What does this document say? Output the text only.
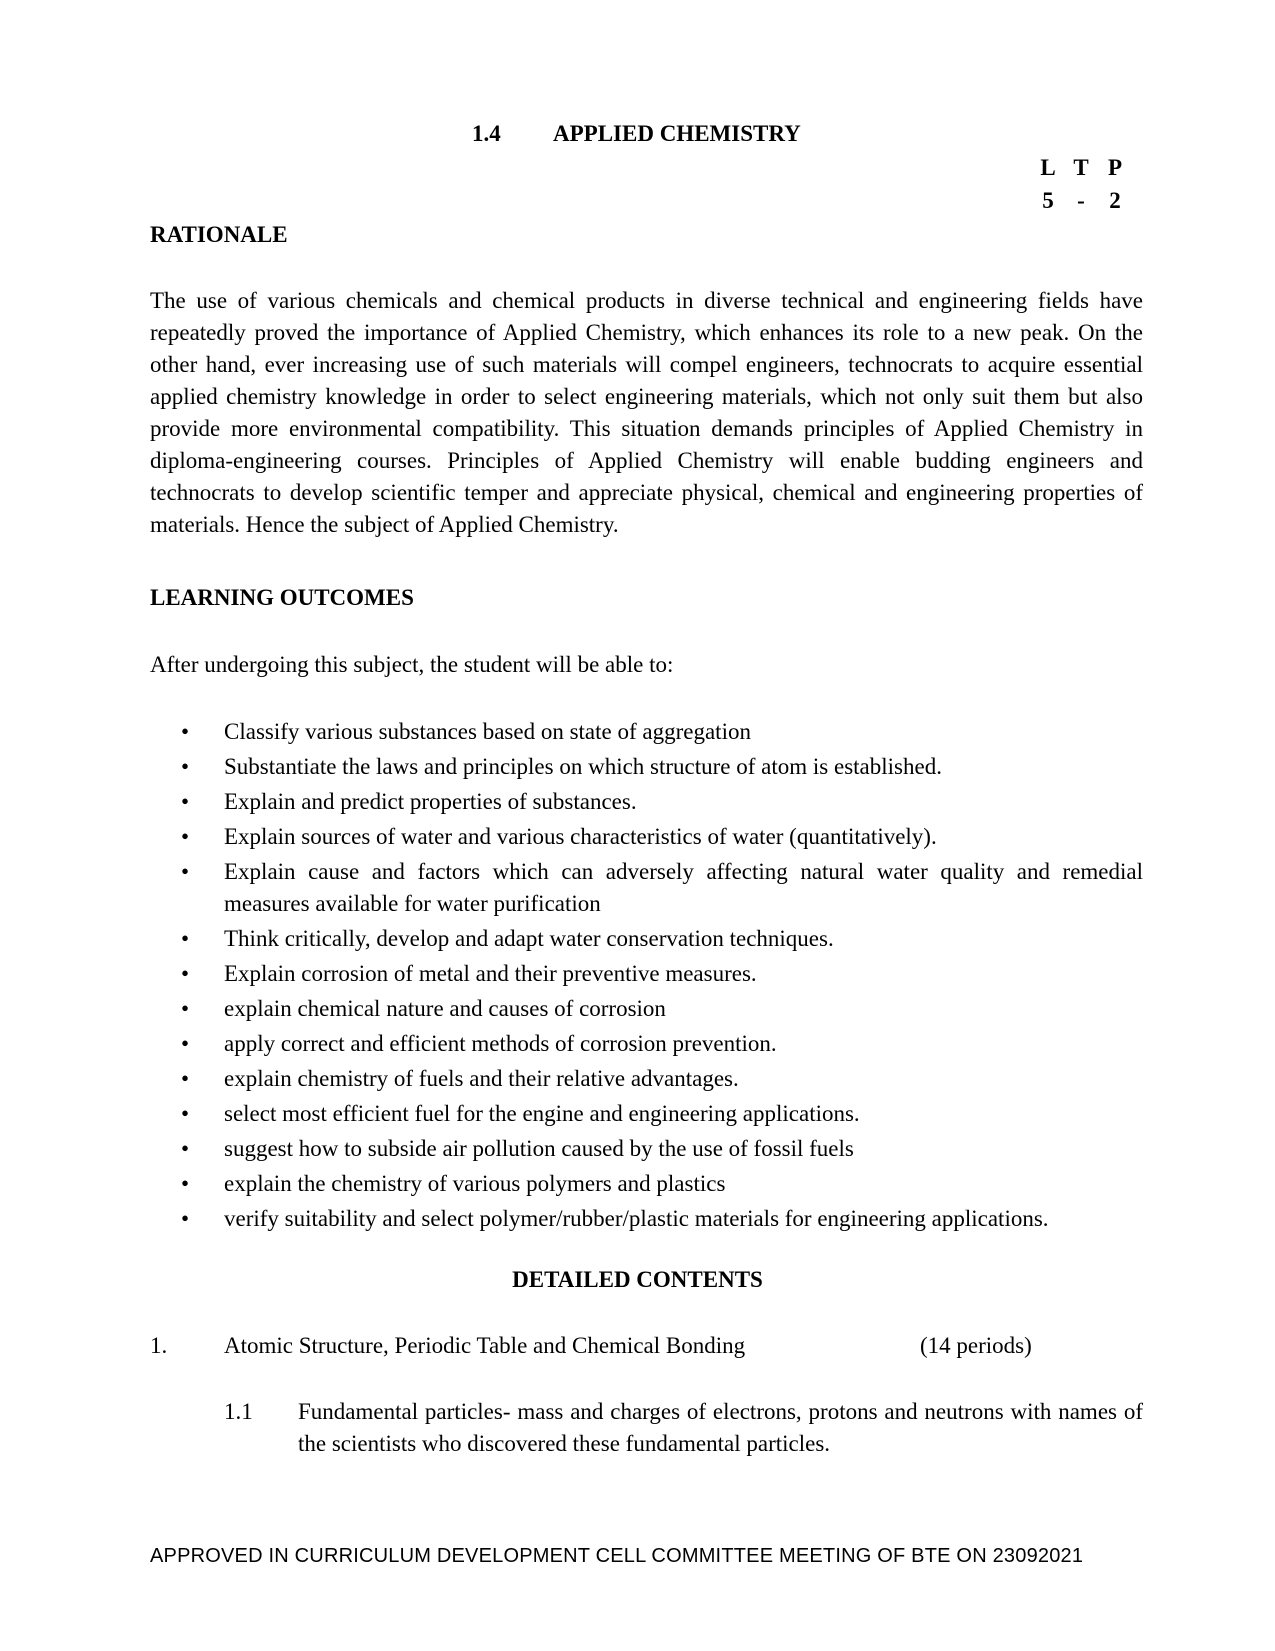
1.4 APPLIED CHEMISTRY
L T P
5	-	2
RATIONALE

The use of various chemicals and chemical products in diverse technical and engineering fields have repeatedly proved the importance of Applied Chemistry, which enhances its role to a new peak. On the other hand, ever increasing use of such materials will compel engineers, technocrats to acquire essential applied chemistry knowledge in order to select engineering materials, which not only suit them but also provide more environmental compatibility. This situation demands principles of Applied Chemistry in diploma-engineering courses. Principles of Applied Chemistry will enable budding engineers and technocrats to develop scientific temper and appreciate physical, chemical and engineering properties of materials. Hence the subject of Applied Chemistry.

LEARNING OUTCOMES
After undergoing this subject, the student will be able to:
• Classify various substances based on state of aggregation
• Substantiate the laws and principles on which structure of atom is established.
• Explain and predict properties of substances.
• Explain sources of water and various characteristics of water (quantitatively).
• Explain cause and factors which can adversely affecting natural water quality and remedial measures available for water purification
• Think critically, develop and adapt water conservation techniques.
• Explain corrosion of metal and their preventive measures.
• explain chemical nature and causes of corrosion
• apply correct and efficient methods of corrosion prevention.
• explain chemistry of fuels and their relative advantages.
• select most efficient fuel for the engine and engineering applications.
• suggest how to subside air pollution caused by the use of fossil fuels
• explain the chemistry of various polymers and plastics
• verify suitability and select polymer/rubber/plastic materials for engineering applications.
DETAILED CONTENTS
1. Atomic Structure, Periodic Table and Chemical Bonding	(14 periods)
1.1 Fundamental particles- mass and charges of electrons, protons and neutrons with names of the scientists who discovered these fundamental particles.

APPROVED IN CURRICULUM DEVELOPMENT CELL COMMITTEE MEETING OF BTE ON 23092021
